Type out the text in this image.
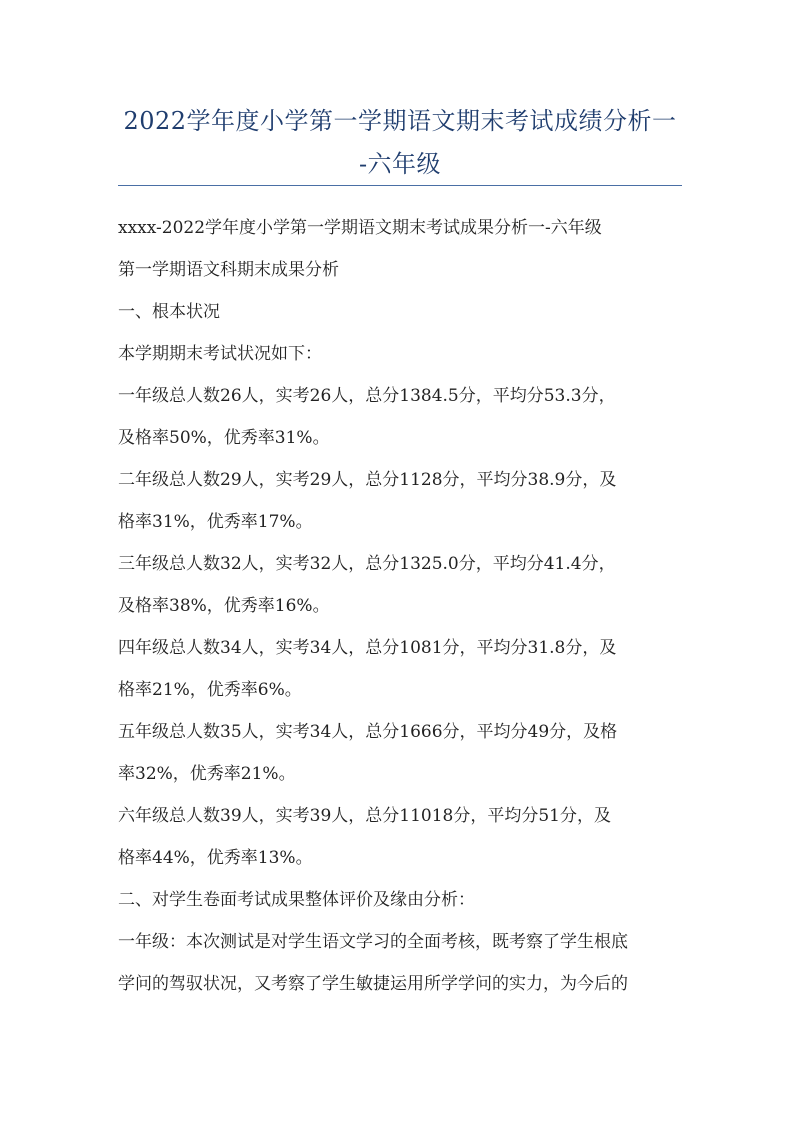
2022学年度小学第一学期语文期末考试成绩分析一
-六年级
xxxx-2022学年度小学第一学期语文期末考试成果分析一-六年级
第一学期语文科期末成果分析
一、根本状况
本学期期末考试状况如下：
一年级总人数26人，实考26人，总分1384.5分，平均分53.3分，
及格率50%，优秀率31%。
二年级总人数29人，实考29人，总分1128分，平均分38.9分，及
格率31%，优秀率17%。
三年级总人数32人，实考32人，总分1325.0分，平均分41.4分，
及格率38%，优秀率16%。
四年级总人数34人，实考34人，总分1081分，平均分31.8分，及
格率21%，优秀率6%。
五年级总人数35人，实考34人，总分1666分，平均分49分，及格
率32%，优秀率21%。
六年级总人数39人，实考39人，总分11018分，平均分51分，及
格率44%，优秀率13%。
二、对学生卷面考试成果整体评价及缘由分析：
一年级：本次测试是对学生语文学习的全面考核，既考察了学生根底
学问的驾驭状况，又考察了学生敏捷运用所学学问的实力，为今后的
